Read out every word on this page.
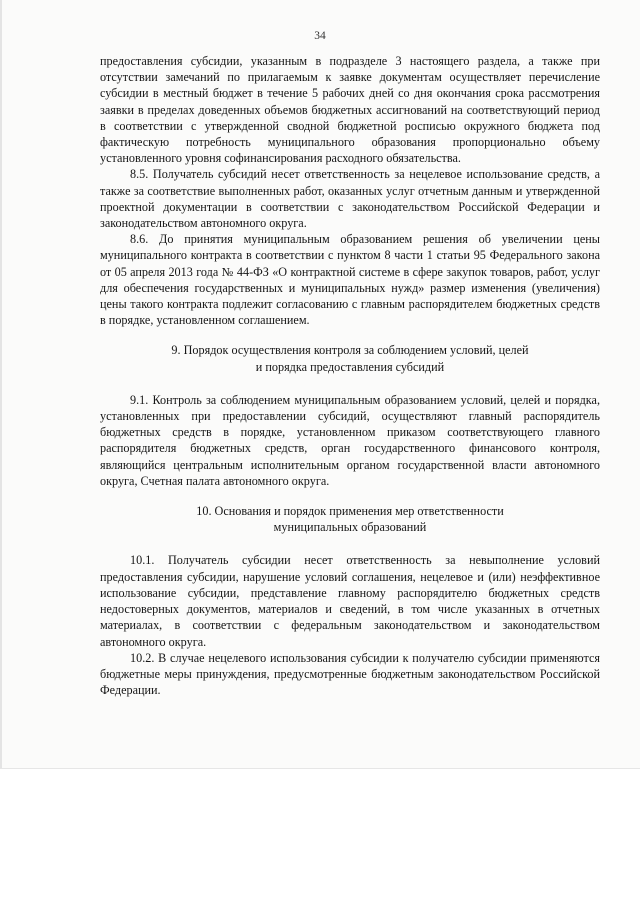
34

предоставления субсидии, указанным в подразделе 3 настоящего раздела, а также при отсутствии замечаний по прилагаемым к заявке документам осуществляет перечисление субсидии в местный бюджет в течение 5 рабочих дней со дня окончания срока рассмотрения заявки в пределах доведенных объемов бюджетных ассигнований на соответствующий период в соответствии с утвержденной сводной бюджетной росписью окружного бюджета под фактическую потребность муниципального образования пропорционально объему установленного уровня софинансирования расходного обязательства.

8.5. Получатель субсидий несет ответственность за нецелевое использование средств, а также за соответствие выполненных работ, оказанных услуг отчетным данным и утвержденной проектной документации в соответствии с законодательством Российской Федерации и законодательством автономного округа.

8.6. До принятия муниципальным образованием решения об увеличении цены муниципального контракта в соответствии с пунктом 8 части 1 статьи 95 Федерального закона от 05 апреля 2013 года № 44-ФЗ «О контрактной системе в сфере закупок товаров, работ, услуг для обеспечения государственных и муниципальных нужд» размер изменения (увеличения) цены такого контракта подлежит согласованию с главным распорядителем бюджетных средств в порядке, установленном соглашением.

9. Порядок осуществления контроля за соблюдением условий, целей
и порядка предоставления субсидий

9.1. Контроль за соблюдением муниципальным образованием условий, целей и порядка, установленных при предоставлении субсидий, осуществляют главный распорядитель бюджетных средств в порядке, установленном приказом соответствующего главного распорядителя бюджетных средств, орган государственного финансового контроля, являющийся центральным исполнительным органом государственной власти автономного округа, Счетная палата автономного округа.

10. Основания и порядок применения мер ответственности
муниципальных образований

10.1. Получатель субсидии несет ответственность за невыполнение условий предоставления субсидии, нарушение условий соглашения, нецелевое и (или) неэффективное использование субсидии, представление главному распорядителю бюджетных средств недостоверных документов, материалов и сведений, в том числе указанных в отчетных материалах, в соответствии с федеральным законодательством и законодательством автономного округа.

10.2. В случае нецелевого использования субсидии к получателю субсидии применяются бюджетные меры принуждения, предусмотренные бюджетным законодательством Российской Федерации.
